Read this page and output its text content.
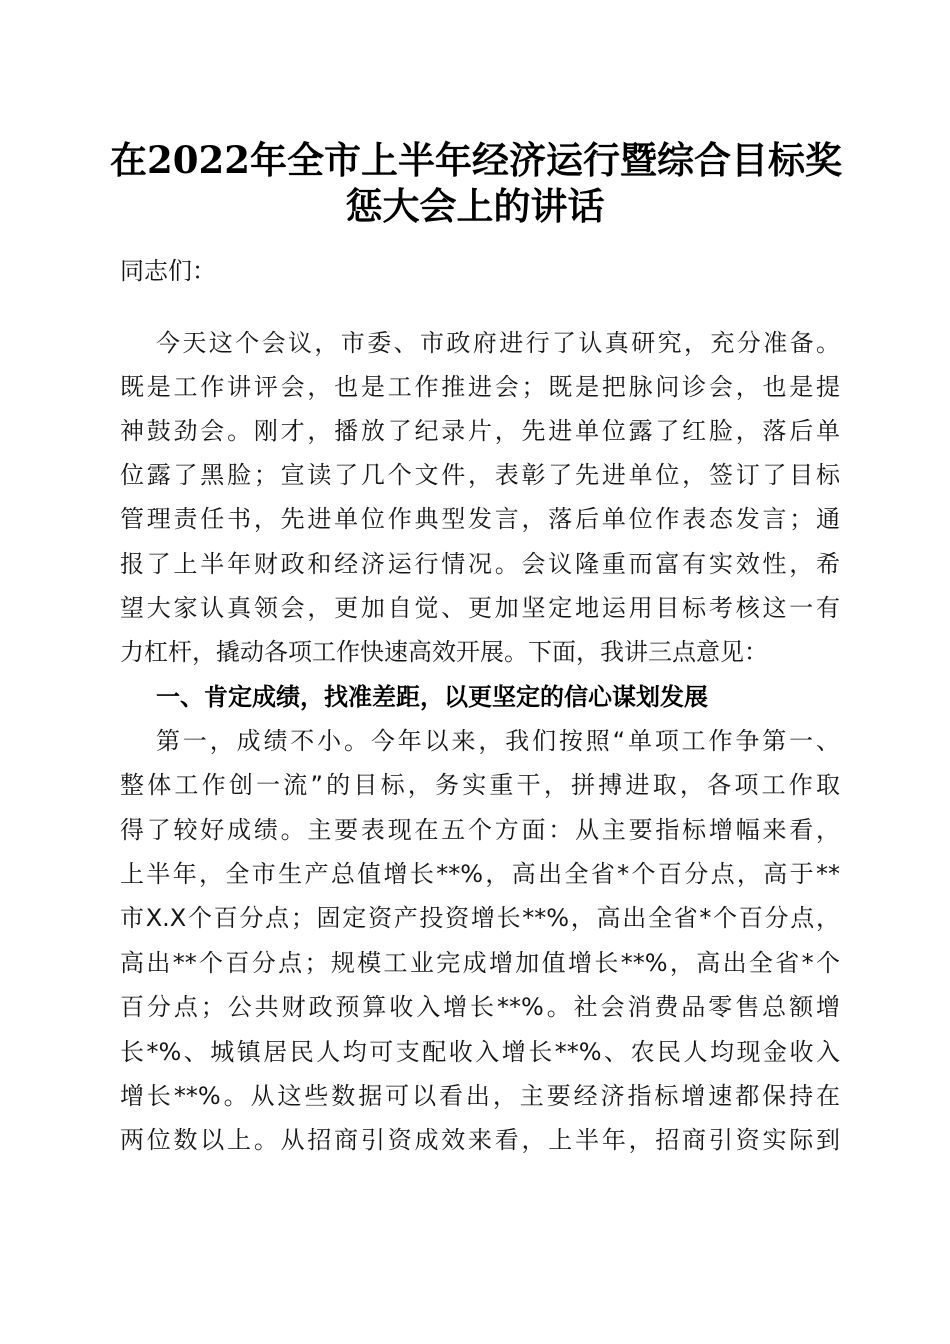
在2022年全市上半年经济运行暨综合目标奖
惩大会上的讲话
同志们：
今天这个会议，市委、市政府进行了认真研究，充分准备。
既是工作讲评会，也是工作推进会；既是把脉问诊会，也是提
神鼓劲会。刚才，播放了纪录片，先进单位露了红脸，落后单
位露了黑脸；宣读了几个文件，表彰了先进单位，签订了目标
管理责任书，先进单位作典型发言，落后单位作表态发言；通
报了上半年财政和经济运行情况。会议隆重而富有实效性，希
望大家认真领会，更加自觉、更加坚定地运用目标考核这一有
力杠杆，撬动各项工作快速高效开展。下面，我讲三点意见：
一、肯定成绩，找准差距，以更坚定的信心谋划发展
第一，成绩不小。今年以来，我们按照“单项工作争第一、
整体工作创一流”的目标，务实重干，拼搏进取，各项工作取
得了较好成绩。主要表现在五个方面：从主要指标增幅来看，
上半年，全市生产总值增长**%，高出全省*个百分点，高于**
市X.X个百分点；固定资产投资增长**%，高出全省*个百分点，
高出**个百分点；规模工业完成增加值增长**%，高出全省*个
百分点；公共财政预算收入增长**%。社会消费品零售总额增
长*%、城镇居民人均可支配收入增长**%、农民人均现金收入
增长**%。从这些数据可以看出，主要经济指标增速都保持在
两位数以上。从招商引资成效来看，上半年，招商引资实际到
